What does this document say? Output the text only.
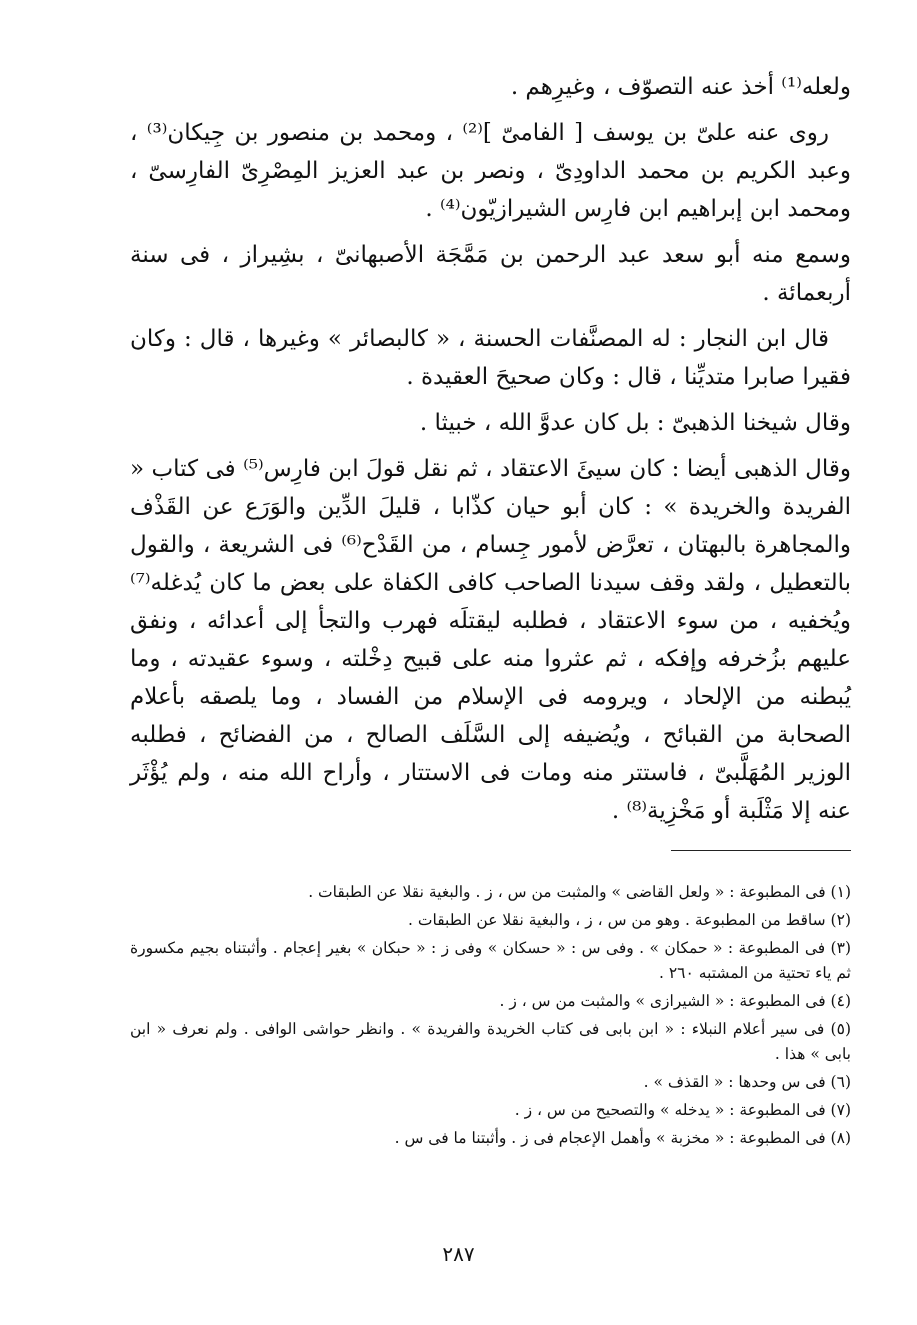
ولعله⁽¹⁾ أخذ عنه التصوّف ، وغيرِهم .

روى عنه علىّ بن يوسف [ الفامىّ ]⁽²⁾ ، ومحمد بن منصور بن جِيكان⁽³⁾ ، وعبد الكريم بن محمد الداودِىّ ، ونصر بن عبد العزيز المِصْرِىّ الفارِسىّ ، ومحمد ابن إبراهيم ابن فارِس الشيرازيّون⁽⁴⁾ .

وسمع منه أبو سعد عبد الرحمن بن مَمَّجَة الأصبهانىّ ، بشِيراز ، فى سنة أربعمائة .

قال ابن النجار : له المصنَّفات الحسنة ، « كالبصائر » وغيرها ، قال : وكان فقيرا صابرا متديِّنا ، قال : وكان صحيحَ العقيدة .

وقال شيخنا الذهبىّ : بل كان عدوَّ الله ، خبيثا .

وقال الذهبى أيضا : كان سيئَ الاعتقاد ، ثم نقل قولَ ابن فارِس⁽⁵⁾ فى كتاب « الفريدة والخريدة » : كان أبو حيان كذّابا ، قليلَ الدِّين والوَرَع عن القَذْف والمجاهرة بالبهتان ، تعرَّض لأمور جِسام ، من القَدْح⁽⁶⁾ فى الشريعة ، والقول بالتعطيل ، ولقد وقف سيدنا الصاحب كافى الكفاة على بعض ما كان يُدغله⁽⁷⁾ ويُخفيه ، من سوء الاعتقاد ، فطلبه ليقتلَه فهرب والتجأ إلى أعدائه ، ونفق عليهم بزُخرفه وإفكه ، ثم عثروا منه على قبيح دِخْلته ، وسوء عقيدته ، وما يُبطنه من الإلحاد ، ويرومه فى الإسلام من الفساد ، وما يلصقه بأعلام الصحابة من القبائح ، ويُضيفه إلى السَّلَف الصالح ، من الفضائح ، فطلبه الوزير المُهَلَّبىّ ، فاستتر منه ومات فى الاستتار ، وأراح الله منه ، ولم يُؤْثَر عنه إلا مَثْلَبة أو مَخْزِية⁽⁸⁾ .

(١) فى المطبوعة : « ولعل القاضى » والمثبت من س ، ز . والبغية نقلا عن الطبقات .

(٢) ساقط من المطبوعة . وهو من س ، ز ، والبغية نقلا عن الطبقات .

(٣) فى المطبوعة : « حمكان » . وفى س : « حسكان » وفى ز : « حبكان » بغير إعجام . وأثبتناه بجيم مكسورة ثم ياء تحتية من المشتبه ٢٦٠ .

(٤) فى المطبوعة : « الشيرازى » والمثبت من س ، ز .

(٥) فى سير أعلام النبلاء : « ابن بابى فى كتاب الخريدة والفريدة » . وانظر حواشى الوافى . ولم نعرف « ابن بابى » هذا .

(٦) فى س وحدها : « القذف » .

(٧) فى المطبوعة : « يدخله » والتصحيح من س ، ز .

(٨) فى المطبوعة : « مخزبة » وأهمل الإعجام فى ز . وأثبتنا ما فى س .

٢٨٧
